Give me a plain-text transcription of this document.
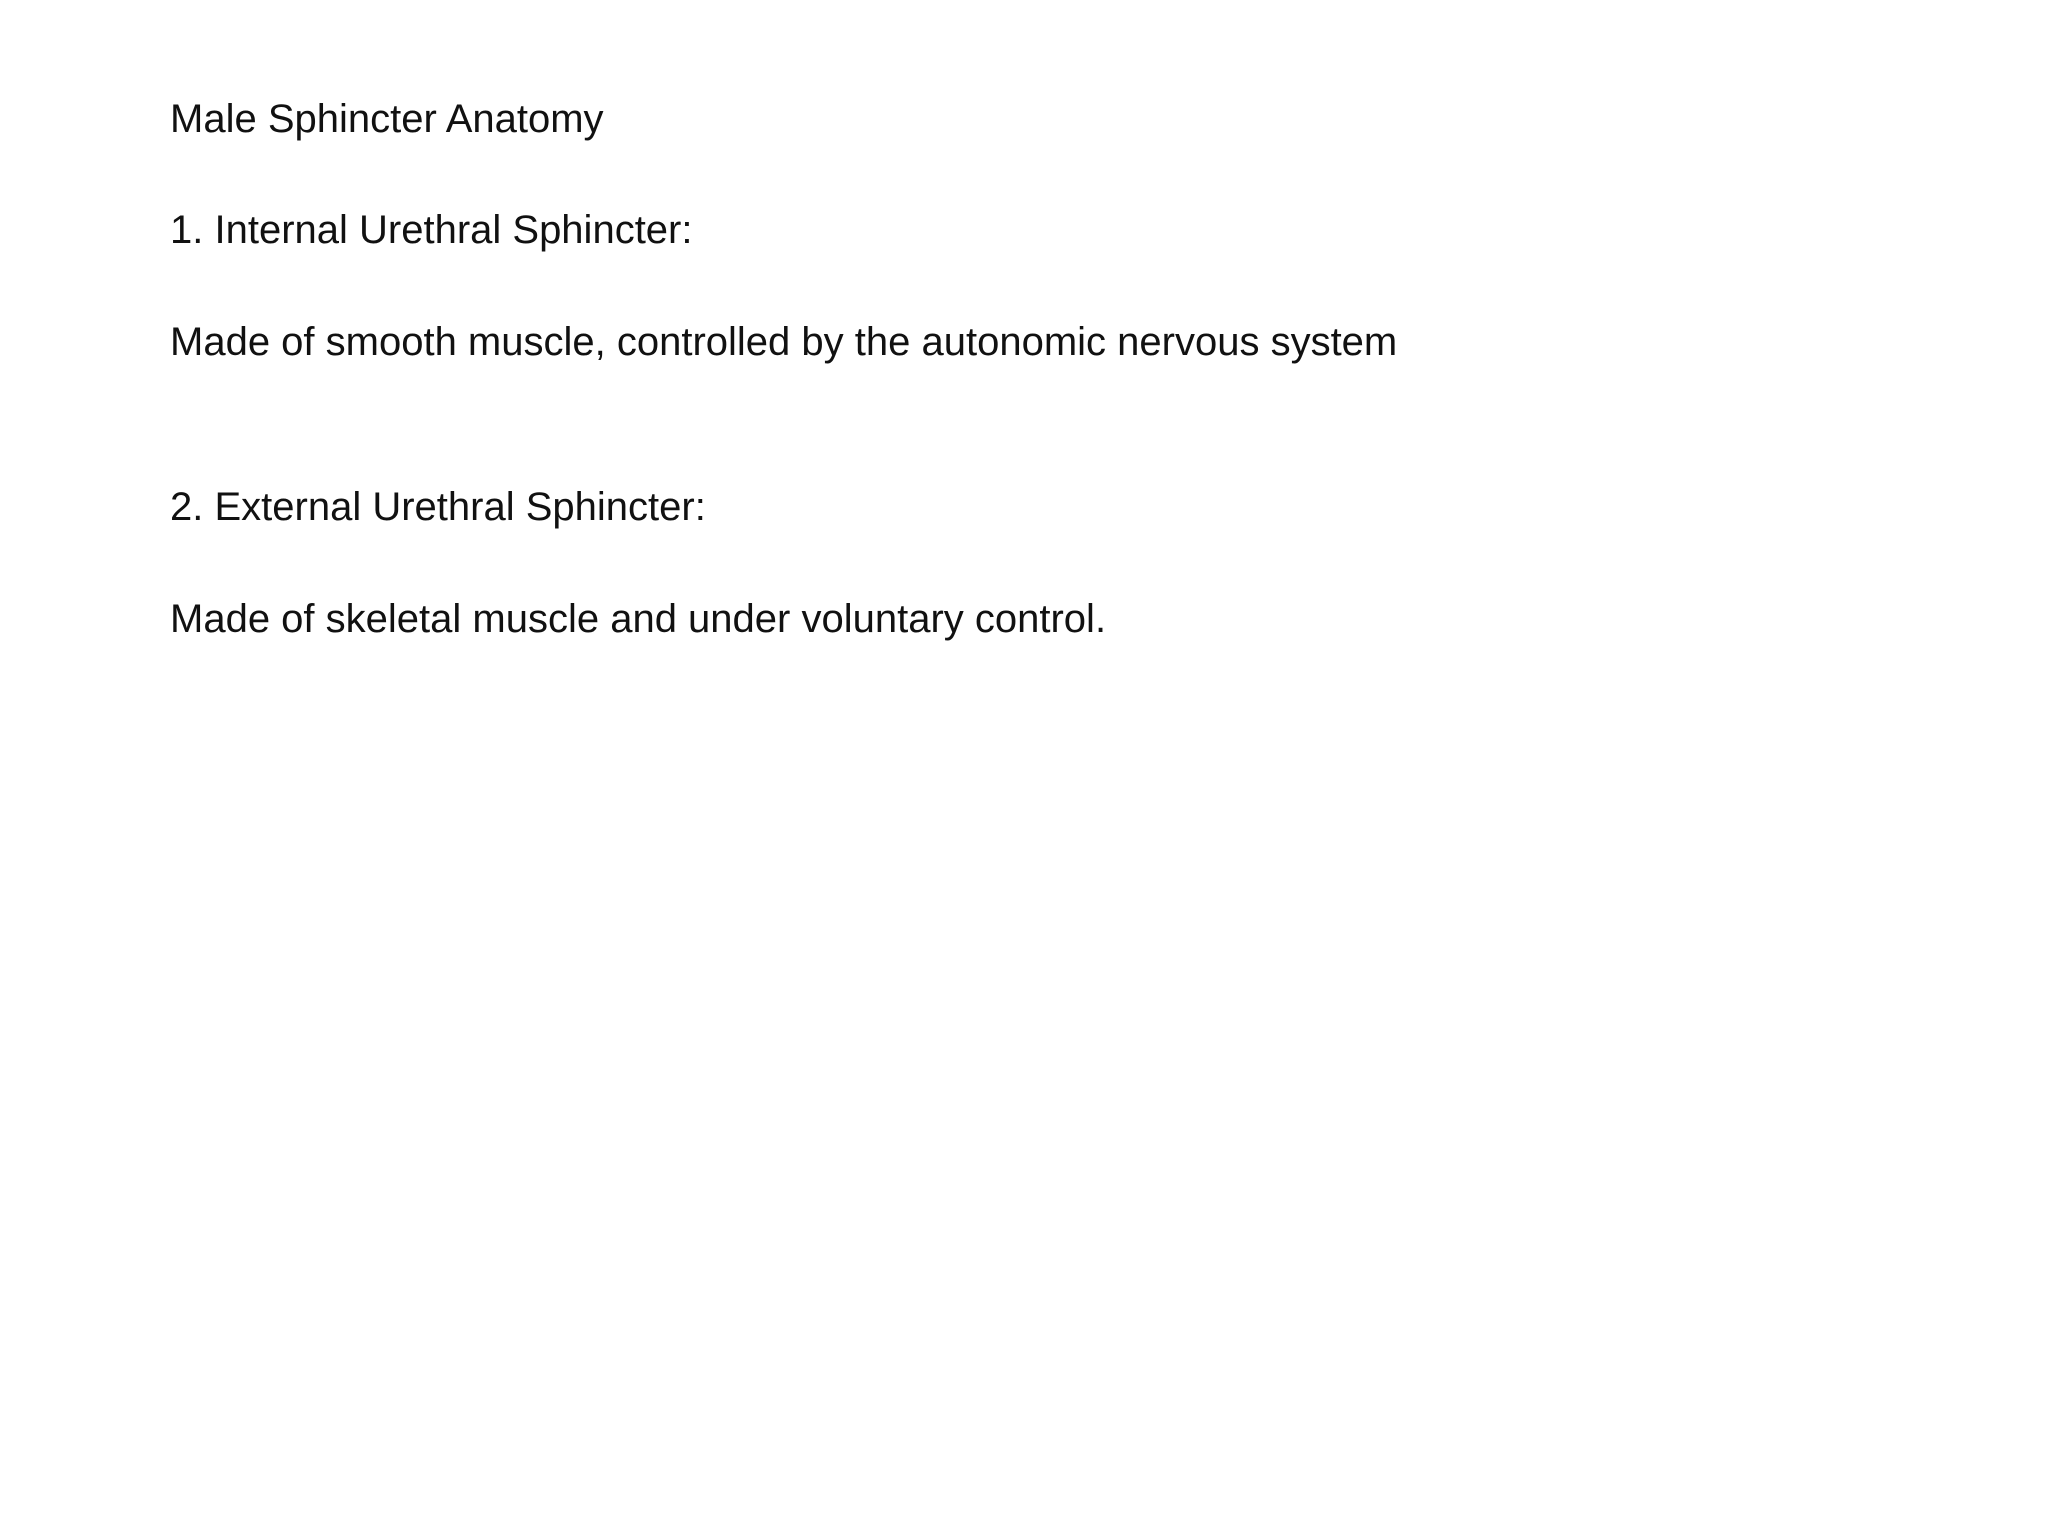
Male Sphincter Anatomy
1. Internal Urethral Sphincter:
Made of smooth muscle, controlled by the autonomic nervous system
2. External Urethral Sphincter:
Made of skeletal muscle and under voluntary control.
